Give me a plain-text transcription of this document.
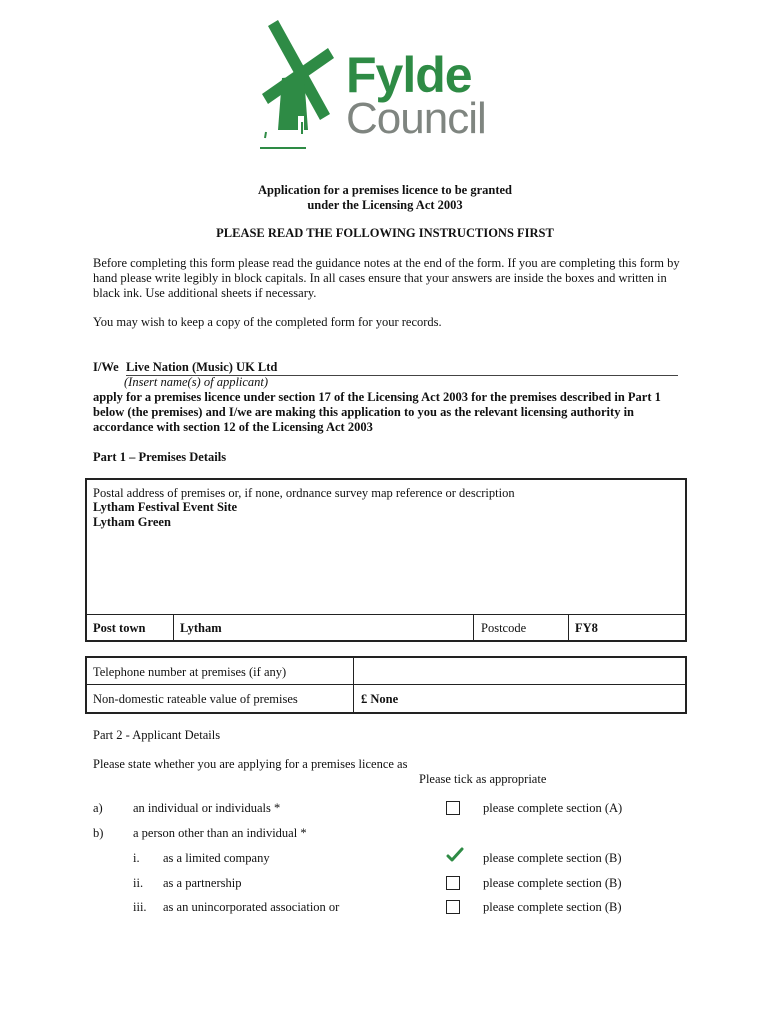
Fylde
Council
Application for a premises licence to be granted
under the Licensing Act 2003
PLEASE READ THE FOLLOWING INSTRUCTIONS FIRST
Before completing this form please read the guidance notes at the end of the form. If you are completing this form by hand please write legibly in block capitals. In all cases ensure that your answers are inside the boxes and written in black ink. Use additional sheets if necessary.
You may wish to keep a copy of the completed form for your records.
I/We Live Nation (Music) UK Ltd
(Insert name(s) of applicant)
apply for a premises licence under section 17 of the Licensing Act 2003 for the premises described in Part 1 below (the premises) and I/we are making this application to you as the relevant licensing authority in accordance with section 12 of the Licensing Act 2003
Part 1 – Premises Details
Postal address of premises or, if none, ordnance survey map reference or description
Lytham Festival Event Site
Lytham Green
Post town	Lytham	Postcode	FY8
Telephone number at premises (if any)
Non-domestic rateable value of premises	£ None
Part 2 - Applicant Details
Please state whether you are applying for a premises licence as
Please tick as appropriate
a) an individual or individuals *	please complete section (A)
b) a person other than an individual *
i. as a limited company	please complete section (B)
ii. as a partnership	please complete section (B)
iii. as an unincorporated association or	please complete section (B)
